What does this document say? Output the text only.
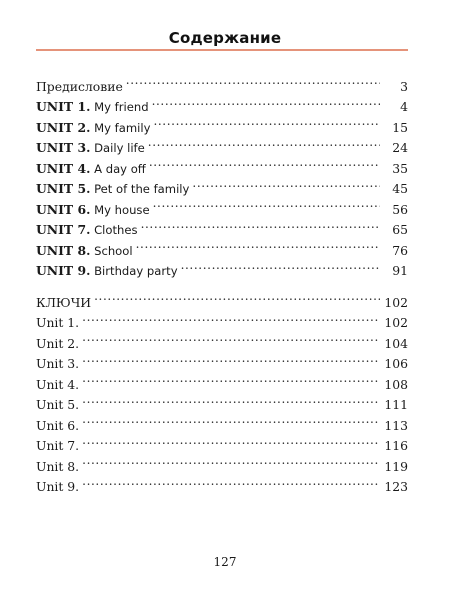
Содержание
Предисловие . . .	3
UNIT 1. My friend . . .	4
UNIT 2. My family . . .	15
UNIT 3. Daily life . . .	24
UNIT 4. A day off . . .	35
UNIT 5. Pet of the family . . .	45
UNIT 6. My house . . .	56
UNIT 7. Clothes . . .	65
UNIT 8. School . . .	76
UNIT 9. Birthday party . . .	91
КЛЮЧИ . . .	102
Unit 1. . . .	102
Unit 2. . . .	104
Unit 3. . . .	106
Unit 4. . . .	108
Unit 5. . . .	111
Unit 6. . . .	113
Unit 7. . . .	116
Unit 8. . . .	119
Unit 9. . . .	123
127
